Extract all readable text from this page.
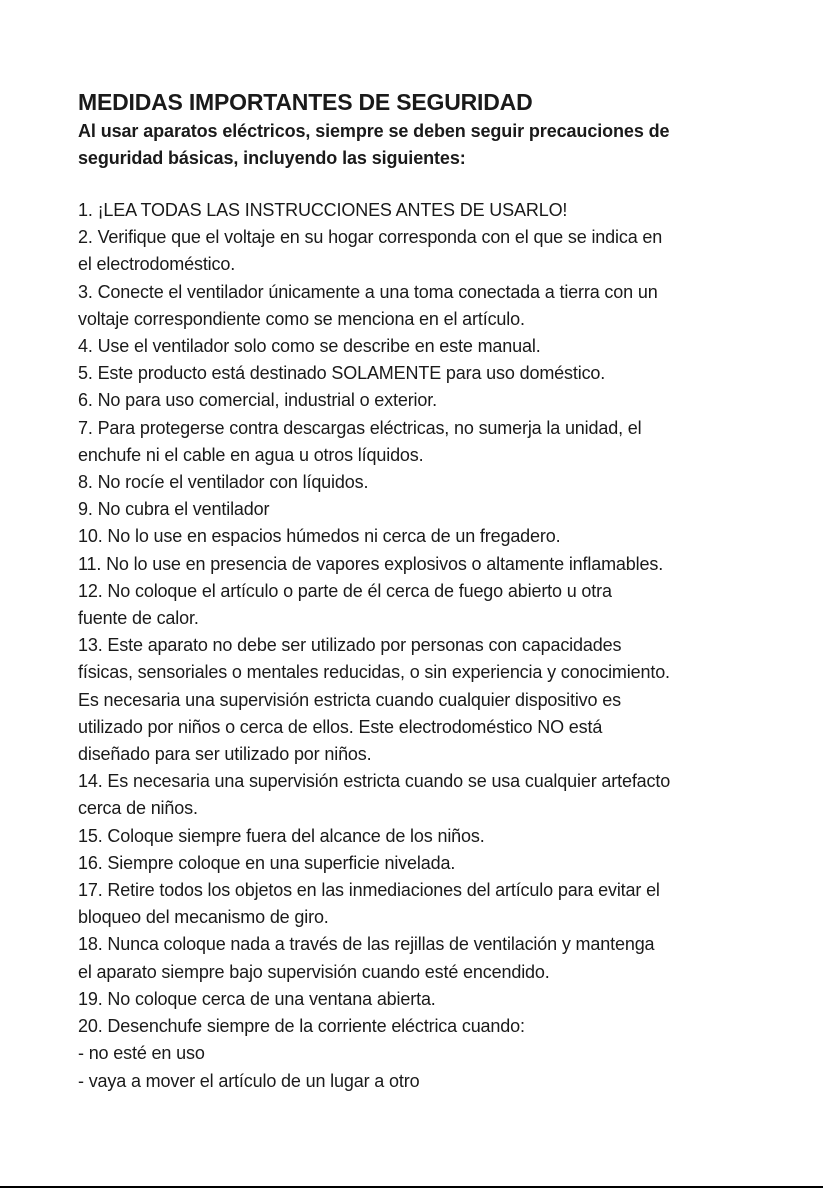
MEDIDAS IMPORTANTES DE SEGURIDAD

Al usar aparatos eléctricos, siempre se deben seguir precauciones de
seguridad básicas, incluyendo las siguientes:

1. ¡LEA TODAS LAS INSTRUCCIONES ANTES DE USARLO!
2. Verifique que el voltaje en su hogar corresponda con el que se indica en
el electrodoméstico.
3. Conecte el ventilador únicamente a una toma conectada a tierra con un
voltaje correspondiente como se menciona en el artículo.
4. Use el ventilador solo como se describe en este manual.
5. Este producto está destinado SOLAMENTE para uso doméstico.
6. No para uso comercial, industrial o exterior.
7. Para protegerse contra descargas eléctricas, no sumerja la unidad, el
enchufe ni el cable en agua u otros líquidos.
8. No rocíe el ventilador con líquidos.
9. No cubra el ventilador
10. No lo use en espacios húmedos ni cerca de un fregadero.
11. No lo use en presencia de vapores explosivos o altamente inflamables.
12. No coloque el artículo o parte de él cerca de fuego abierto u otra
fuente de calor.
13. Este aparato no debe ser utilizado por personas con capacidades
físicas, sensoriales o mentales reducidas, o sin experiencia y conocimiento.
Es necesaria una supervisión estricta cuando cualquier dispositivo es
utilizado por niños o cerca de ellos. Este electrodoméstico NO está
diseñado para ser utilizado por niños.
14. Es necesaria una supervisión estricta cuando se usa cualquier artefacto
cerca de niños.
15. Coloque siempre fuera del alcance de los niños.
16. Siempre coloque en una superficie nivelada.
17. Retire todos los objetos en las inmediaciones del artículo para evitar el
bloqueo del mecanismo de giro.
18. Nunca coloque nada a través de las rejillas de ventilación y mantenga
el aparato siempre bajo supervisión cuando esté encendido.
19. No coloque cerca de una ventana abierta.
20. Desenchufe siempre de la corriente eléctrica cuando:
- no esté en uso
- vaya a mover el artículo de un lugar a otro
